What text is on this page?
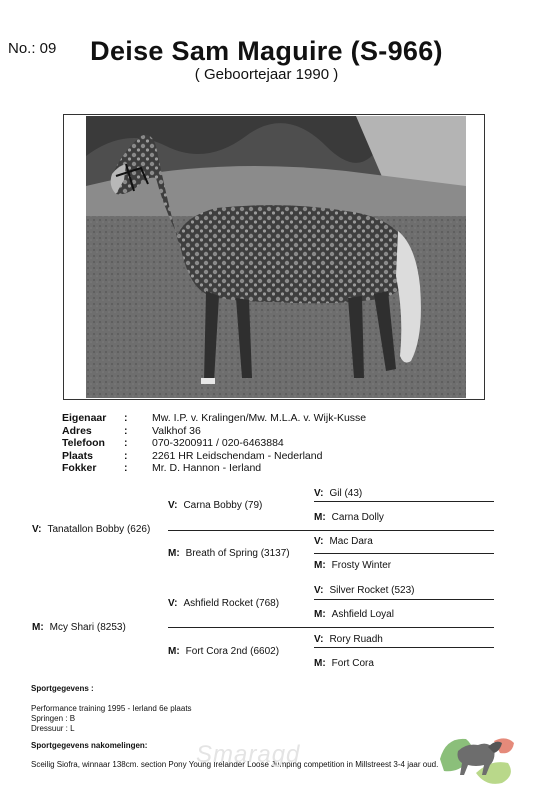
No.: 09	Deise Sam Maguire (S-966)
( Geboortejaar 1990 )
Eigenaar	:	Mw. I.P. v. Kralingen/Mw. M.L.A. v. Wijk-Kusse
Adres	:	Valkhof 36
Telefoon	:	070-3200911 / 020-6463884
Plaats	:	2261 HR Leidschendam - Nederland
Fokker	:	Mr. D. Hannon - Ierland
V: Tanatallon Bobby (626)
M: Mcy Shari (8253)
V: Carna Bobby (79)
M: Breath of Spring (3137)
V: Ashfield Rocket (768)
M: Fort Cora 2nd (6602)
V: Gil (43)
M: Carna Dolly
V: Mac Dara
M: Frosty Winter
V: Silver Rocket (523)
M: Ashfield Loyal
V: Rory Ruadh
M: Fort Cora
Sportgegevens :
Performance training 1995 - Ierland 6e plaats
Springen : B
Dressuur : L
Sportgegevens nakomelingen:
Sceilig Siofra, winnaar 138cm. section Pony Young Irelander Loose Jumping competition in Millstreest 3-4 jaar oud.
Smaragd
